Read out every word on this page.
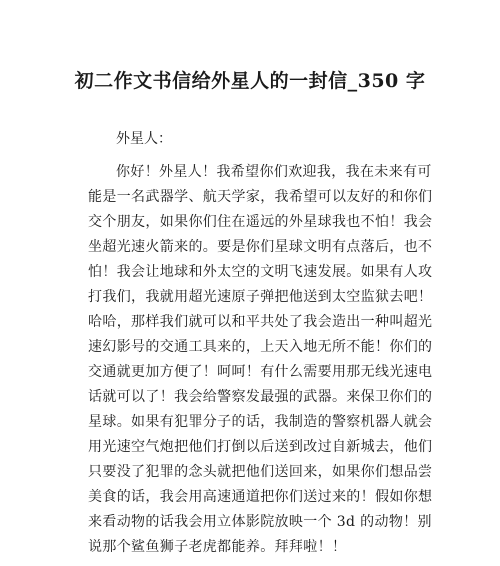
初二作文书信给外星人的一封信_350 字
外星人：
你好！外星人！我希望你们欢迎我，我在未来有可
能是一名武器学、航天学家，我希望可以友好的和你们
交个朋友，如果你们住在遥远的外星球我也不怕！我会
坐超光速火箭来的。要是你们星球文明有点落后，也不
怕！我会让地球和外太空的文明飞速发展。如果有人攻
打我们，我就用超光速原子弹把他送到太空监狱去吧！
哈哈，那样我们就可以和平共处了我会造出一种叫超光
速幻影号的交通工具来的，上天入地无所不能！你们的
交通就更加方便了！呵呵！有什么需要用那无线光速电
话就可以了！我会给警察发最强的武器。来保卫你们的
星球。如果有犯罪分子的话，我制造的警察机器人就会
用光速空气炮把他们打倒以后送到改过自新城去，他们
只要没了犯罪的念头就把他们送回来，如果你们想品尝
美食的话，我会用高速通道把你们送过来的！假如你想
来看动物的话我会用立体影院放映一个 3d 的动物！别
说那个鲨鱼狮子老虎都能养。拜拜啦！！
